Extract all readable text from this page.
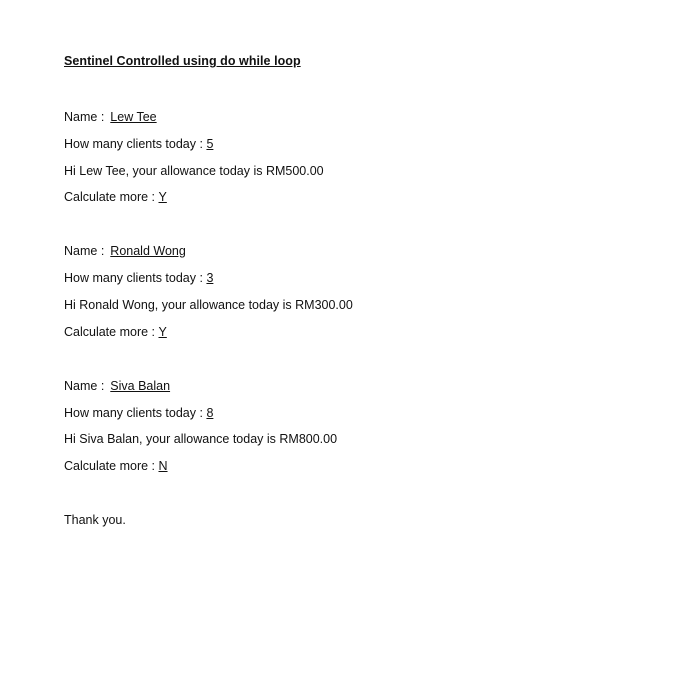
Sentinel Controlled using do while loop
Name : Lew Tee
How many clients today : 5
Hi Lew Tee, your allowance today is RM500.00
Calculate more : Y
Name : Ronald Wong
How many clients today : 3
Hi Ronald Wong, your allowance today is RM300.00
Calculate more : Y
Name : Siva Balan
How many clients today : 8
Hi Siva Balan, your allowance today is RM800.00
Calculate more : N
Thank you.
